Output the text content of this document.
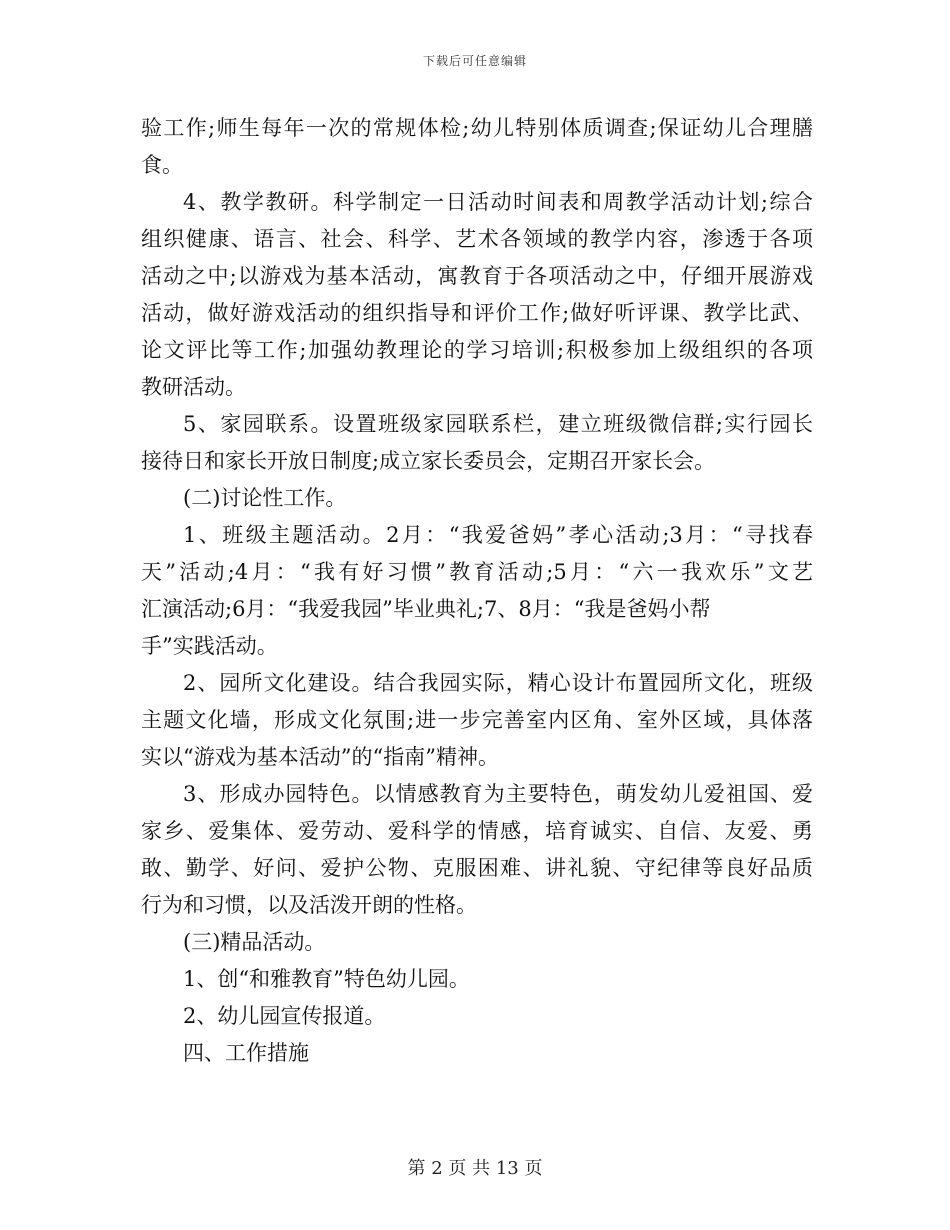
下载后可任意编辑
验工作;师生每年一次的常规体检;幼儿特别体质调查;保证幼儿合理膳
食。
4、教学教研。科学制定一日活动时间表和周教学活动计划;综合
组织健康、语言、社会、科学、艺术各领域的教学内容，渗透于各项
活动之中;以游戏为基本活动，寓教育于各项活动之中，仔细开展游戏
活动，做好游戏活动的组织指导和评价工作;做好听评课、教学比武、
论文评比等工作;加强幼教理论的学习培训;积极参加上级组织的各项
教研活动。
5、家园联系。设置班级家园联系栏，建立班级微信群;实行园长
接待日和家长开放日制度;成立家长委员会，定期召开家长会。
(二)讨论性工作。
1、班级主题活动。2月：“我爱爸妈”孝心活动;3月：“寻找春
天”活动;4月：“我有好习惯”教育活动;5月：“六一我欢乐”文艺
汇演活动;6月：“我爱我园”毕业典礼;7、8月：“我是爸妈小帮
手”实践活动。
2、园所文化建设。结合我园实际，精心设计布置园所文化，班级
主题文化墙，形成文化氛围;进一步完善室内区角、室外区域，具体落
实以“游戏为基本活动”的“指南”精神。
3、形成办园特色。以情感教育为主要特色，萌发幼儿爱祖国、爱
家乡、爱集体、爱劳动、爱科学的情感，培育诚实、自信、友爱、勇
敢、勤学、好问、爱护公物、克服困难、讲礼貌、守纪律等良好品质
行为和习惯，以及活泼开朗的性格。
(三)精品活动。
1、创“和雅教育”特色幼儿园。
2、幼儿园宣传报道。
四、工作措施
第 2 页 共 13 页
